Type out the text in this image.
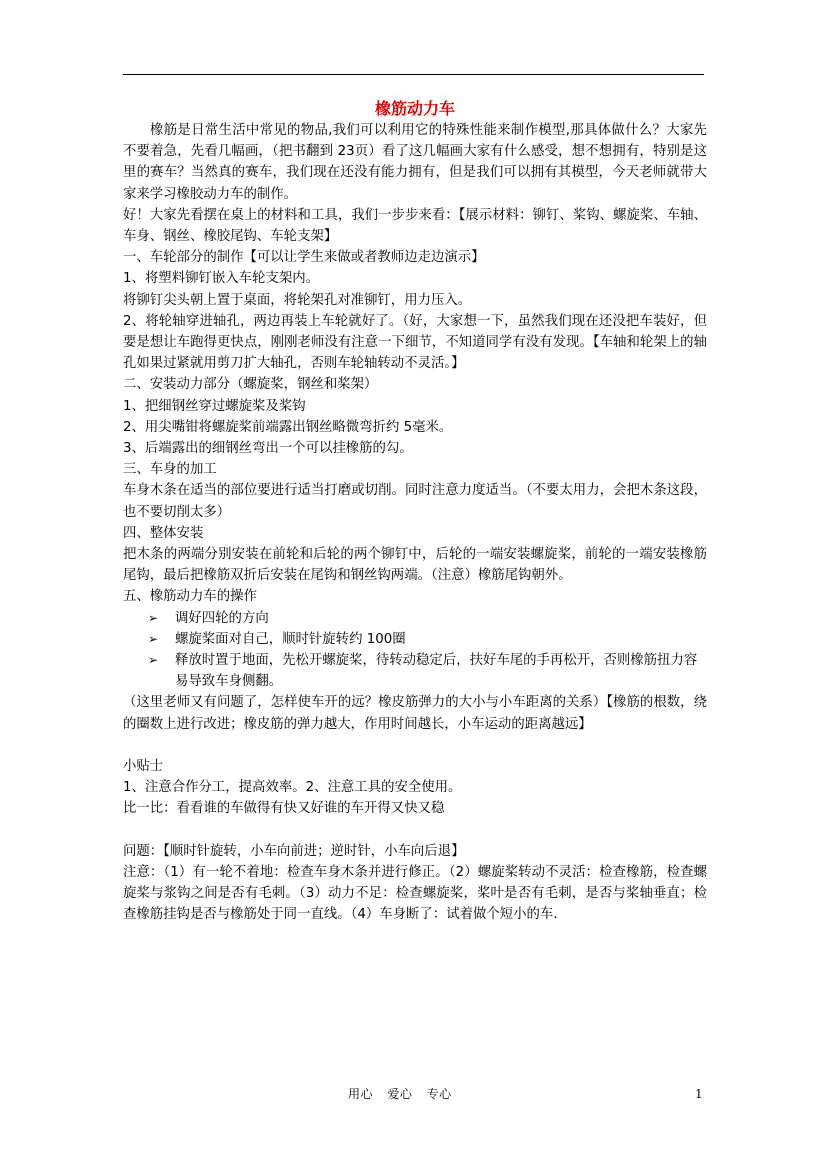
橡筋动力车

橡筋是日常生活中常见的物品,我们可以利用它的特殊性能来制作模型,那具体做什么？大家先不要着急，先看几幅画，（把书翻到 23页）看了这几幅画大家有什么感受，想不想拥有，特别是这里的赛车？当然真的赛车，我们现在还没有能力拥有，但是我们可以拥有其模型，今天老师就带大家来学习橡胶动力车的制作。

好！大家先看摆在桌上的材料和工具，我们一步步来看：【展示材料：铆钉、桨钩、螺旋桨、车轴、车身、钢丝、橡胶尾钩、车轮支架】

一、车轮部分的制作【可以让学生来做或者教师边走边演示】

1、将塑料铆钉嵌入车轮支架内。

将铆钉尖头朝上置于桌面，将轮架孔对准铆钉，用力压入。

2、将轮轴穿进轴孔，两边再装上车轮就好了。（好，大家想一下，虽然我们现在还没把车装好，但要是想让车跑得更快点，刚刚老师没有注意一下细节，不知道同学有没有发现。【车轴和轮架上的轴孔如果过紧就用剪刀扩大轴孔，否则车轮轴转动不灵活。】

二、安装动力部分（螺旋桨，钢丝和桨架）

1、把细钢丝穿过螺旋桨及桨钩

2、用尖嘴钳将螺旋桨前端露出钢丝略微弯折约 5毫米。

3、后端露出的细钢丝弯出一个可以挂橡筋的勾。

三、车身的加工

车身木条在适当的部位要进行适当打磨或切削。同时注意力度适当。（不要太用力，会把木条这段，也不要切削太多）

四、整体安装

把木条的两端分别安装在前轮和后轮的两个铆钉中，后轮的一端安装螺旋桨，前轮的一端安装橡筋尾钩，最后把橡筋双折后安装在尾钩和钢丝钩两端。（注意）橡筋尾钩朝外。

五、橡筋动力车的操作

➢ 调好四轮的方向
➢ 螺旋桨面对自己，顺时针旋转约 100圈
➢ 释放时置于地面，先松开螺旋桨，待转动稳定后，扶好车尾的手再松开，否则橡筋扭力容易导致车身侧翻。

（这里老师又有问题了，怎样使车开的远？橡皮筋弹力的大小与小车距离的关系）【橡筋的根数，绕的圈数上进行改进；橡皮筋的弹力越大，作用时间越长，小车运动的距离越远】

小贴士

1、注意合作分工，提高效率。2、注意工具的安全使用。

比一比：看看谁的车做得有快又好谁的车开得又快又稳

问题：【顺时针旋转，小车向前进；逆时针，小车向后退】

注意：（1）有一轮不着地：检查车身木条并进行修正。（2）螺旋桨转动不灵活：检查橡筋，检查螺旋桨与浆钩之间是否有毛刺。（3）动力不足：检查螺旋桨，桨叶是否有毛刺，是否与桨轴垂直；检查橡筋挂钩是否与橡筋处于同一直线。（4）车身断了：试着做个短小的车.

用心 爱心 专心	1
